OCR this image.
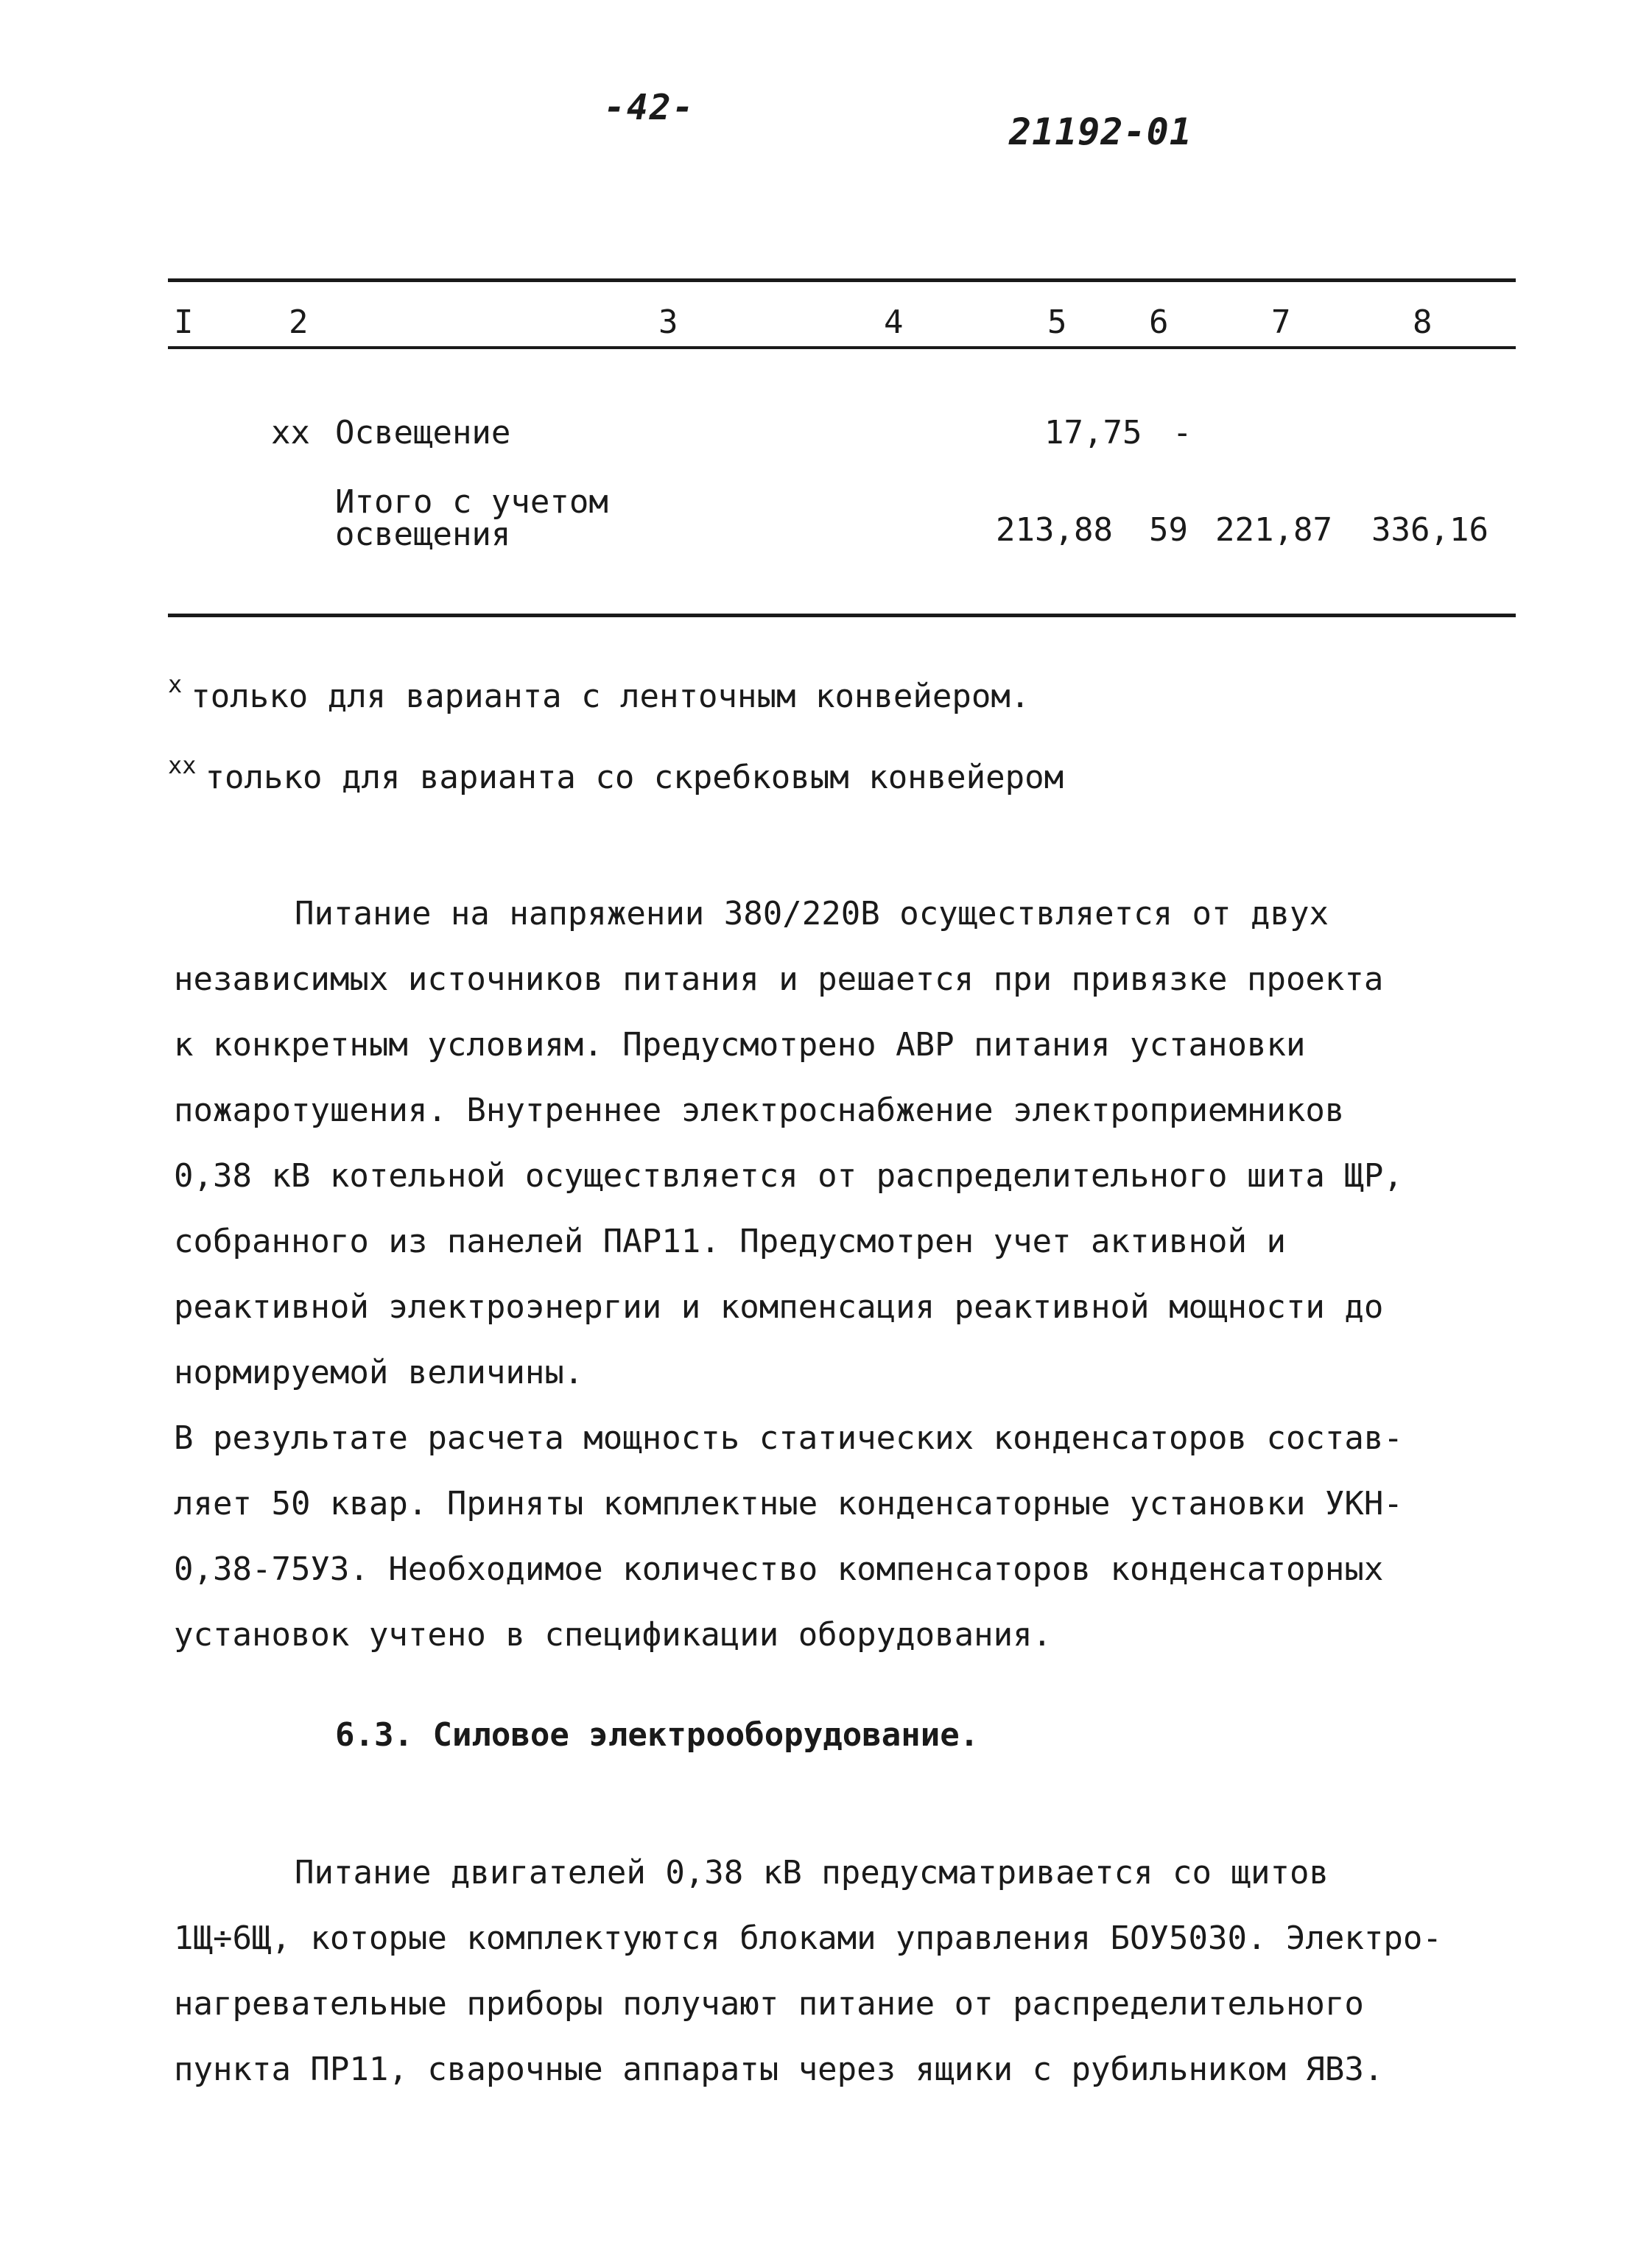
-42-
21192-01
I	2	3	4	5	6	7	8
xx Освещение	17,75 -
Итого с учетом освещения	213,88 59 221,87 336,16
$^x$ только для варианта с ленточным конвейером.
$^{xx}$ только для варианта со скребковым конвейером
Питание на напряжении 380/220В осуществляется от двух
независимых источников питания и решается при привязке проекта
к конкретным условиям. Предусмотрено АВР питания установки
пожаротушения. Внутреннее электроснабжение электроприемников
0,38 кВ котельной осуществляется от распределительного шита ЩР,
собранного из панелей ПАР11. Предусмотрен учет активной и
реактивной электроэнергии и компенсация реактивной мощности до
нормируемой величины.
В результате расчета мощность статических конденсаторов состав-
ляет 50 квар. Приняты комплектные конденсаторные установки УКН-
0,38-75УЗ. Необходимое количество компенсаторов конденсаторных
установок учтено в спецификации оборудования.
6.3. Силовое электрооборудование.
Питание двигателей 0,38 кВ предусматривается со щитов
1Щ÷6Щ, которые комплектуются блоками управления БОУ5030. Электро-
нагревательные приборы получают питание от распределительного
пункта ПР11, сварочные аппараты через ящики с рубильником ЯВЗ.
